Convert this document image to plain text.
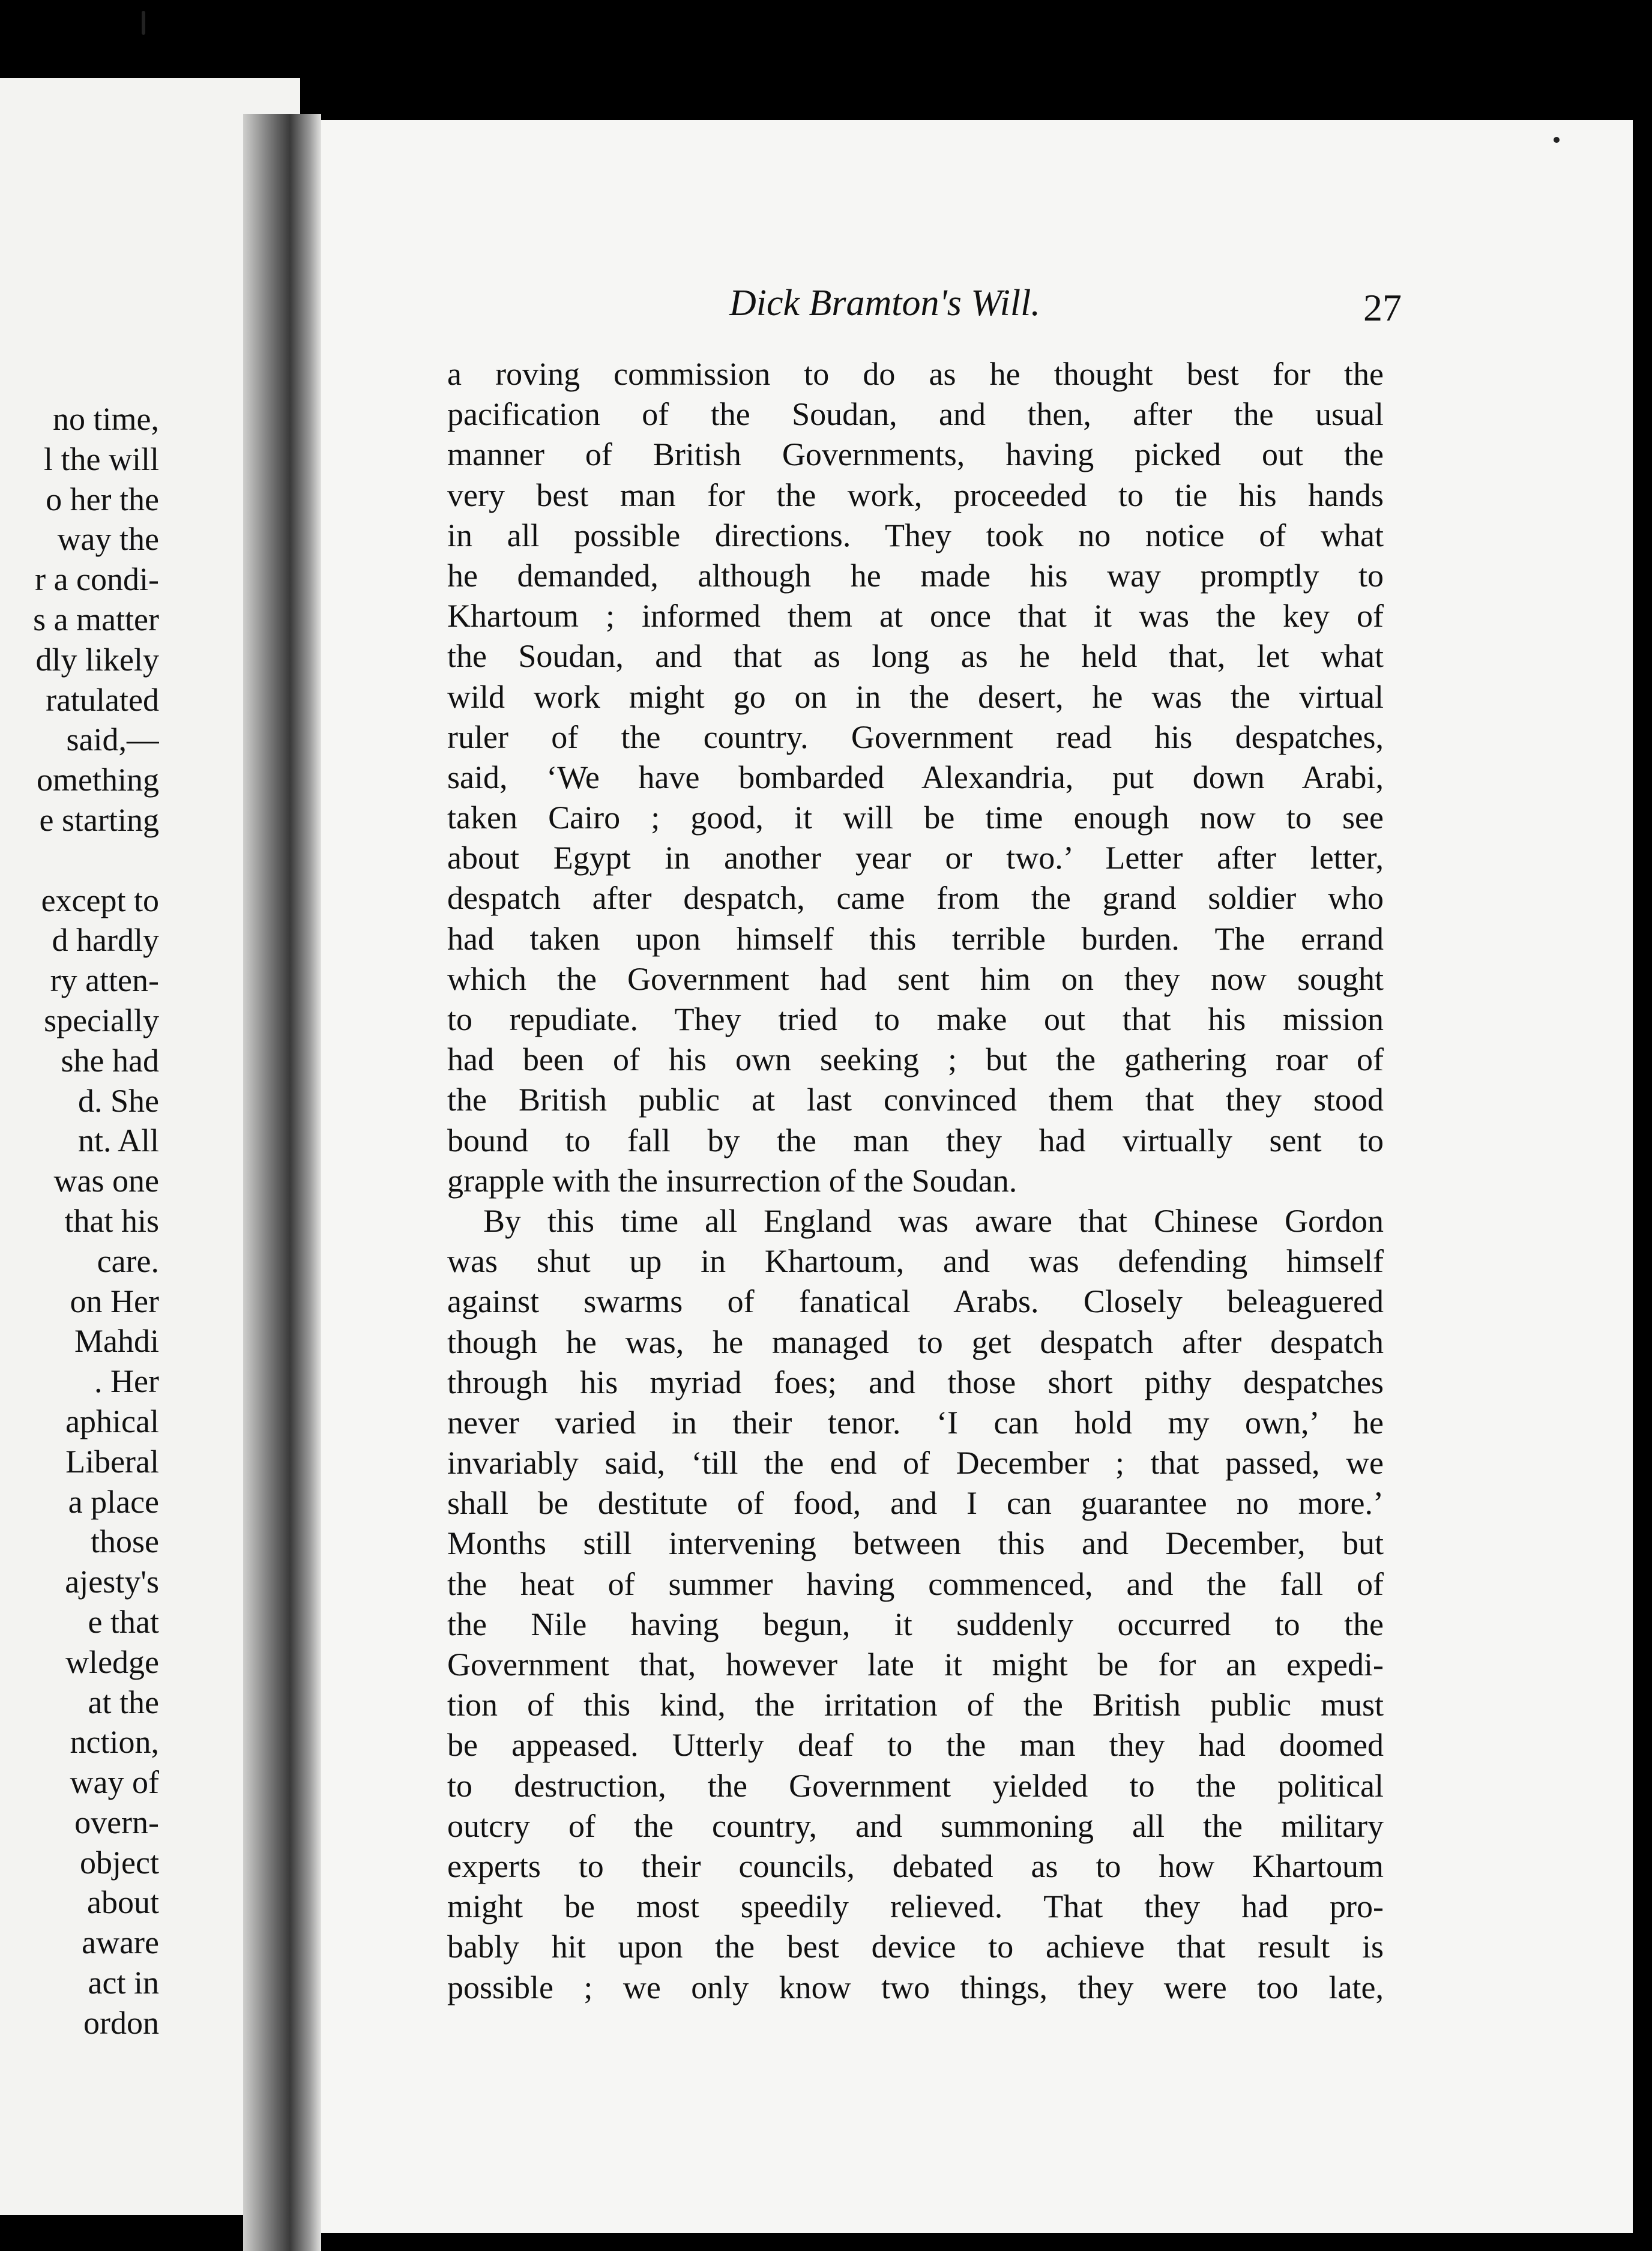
no time,
l the will
o her the
way the
r a condi-
s a matter
dly likely
ratulated
said,—
omething
e starting

except to
d hardly
ry atten-
specially
she had
d. She
nt. All
was one
that his
care.
on Her
Mahdi
. Her
aphical
Liberal
a place
those
ajesty's
e that
wledge
at the
nction,
way of
overn-
object
about
aware
act in
ordon
Dick Bramton's Will.	27
a roving commission to do as he thought best for the
pacification of the Soudan, and then, after the usual
manner of British Governments, having picked out the
very best man for the work, proceeded to tie his hands
in all possible directions. They took no notice of what
he demanded, although he made his way promptly to
Khartoum ; informed them at once that it was the key of
the Soudan, and that as long as he held that, let what
wild work might go on in the desert, he was the virtual
ruler of the country. Government read his despatches,
said, ‘We have bombarded Alexandria, put down Arabi,
taken Cairo ; good, it will be time enough now to see
about Egypt in another year or two.’ Letter after letter,
despatch after despatch, came from the grand soldier who
had taken upon himself this terrible burden. The errand
which the Government had sent him on they now sought
to repudiate. They tried to make out that his mission
had been of his own seeking ; but the gathering roar of
the British public at last convinced them that they stood
bound to fall by the man they had virtually sent to
grapple with the insurrection of the Soudan.
By this time all England was aware that Chinese Gordon
was shut up in Khartoum, and was defending himself
against swarms of fanatical Arabs. Closely beleaguered
though he was, he managed to get despatch after despatch
through his myriad foes; and those short pithy despatches
never varied in their tenor. ‘I can hold my own,’ he
invariably said, ‘till the end of December ; that passed, we
shall be destitute of food, and I can guarantee no more.’
Months still intervening between this and December, but
the heat of summer having commenced, and the fall of
the Nile having begun, it suddenly occurred to the
Government that, however late it might be for an expedi-
tion of this kind, the irritation of the British public must
be appeased. Utterly deaf to the man they had doomed
to destruction, the Government yielded to the political
outcry of the country, and summoning all the military
experts to their councils, debated as to how Khartoum
might be most speedily relieved. That they had pro-
bably hit upon the best device to achieve that result is
possible ; we only know two things, they were too late,
